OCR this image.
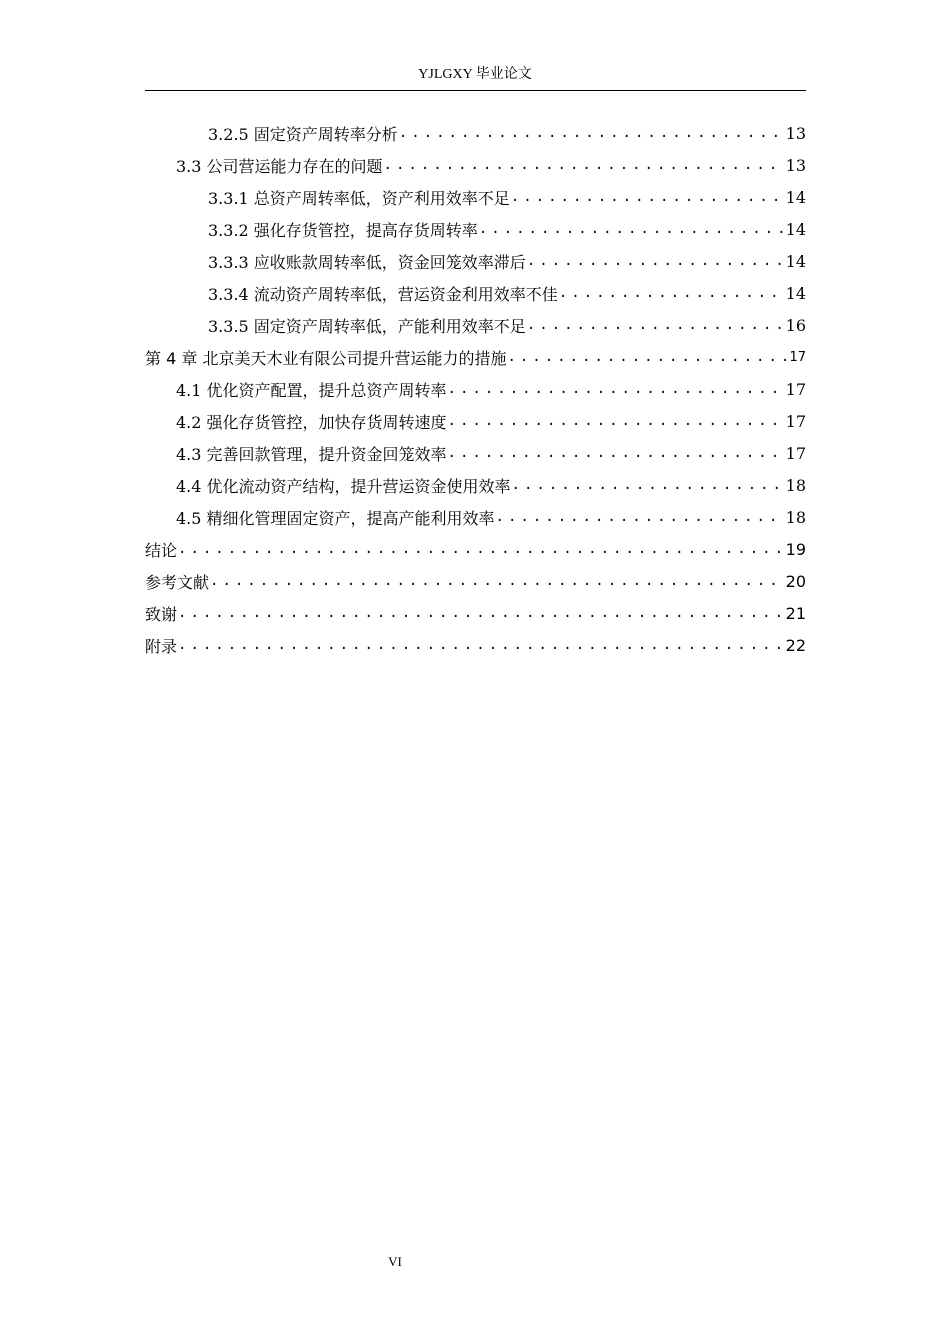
YJLGXY 毕业论文
3.2.5 固定资产周转率分析 .....	13
3.3 公司营运能力存在的问题 .....	13
3.3.1 总资产周转率低，资产利用效率不足 .....	14
3.3.2 强化存货管控，提高存货周转率 .....	14
3.3.3 应收账款周转率低，资金回笼效率滞后 .....	14
3.3.4 流动资产周转率低，营运资金利用效率不佳 .....	14
3.3.5 固定资产周转率低，产能利用效率不足 .....	16
第 4 章 北京美天木业有限公司提升营运能力的措施 .....	17
4.1 优化资产配置，提升总资产周转率 .....	17
4.2 强化存货管控，加快存货周转速度 .....	17
4.3 完善回款管理，提升资金回笼效率 .....	17
4.4 优化流动资产结构，提升营运资金使用效率 .....	18
4.5 精细化管理固定资产，提高产能利用效率 .....	18
结论 .....	19
参考文献 .....	20
致谢 .....	21
附录 .....	22
VI
